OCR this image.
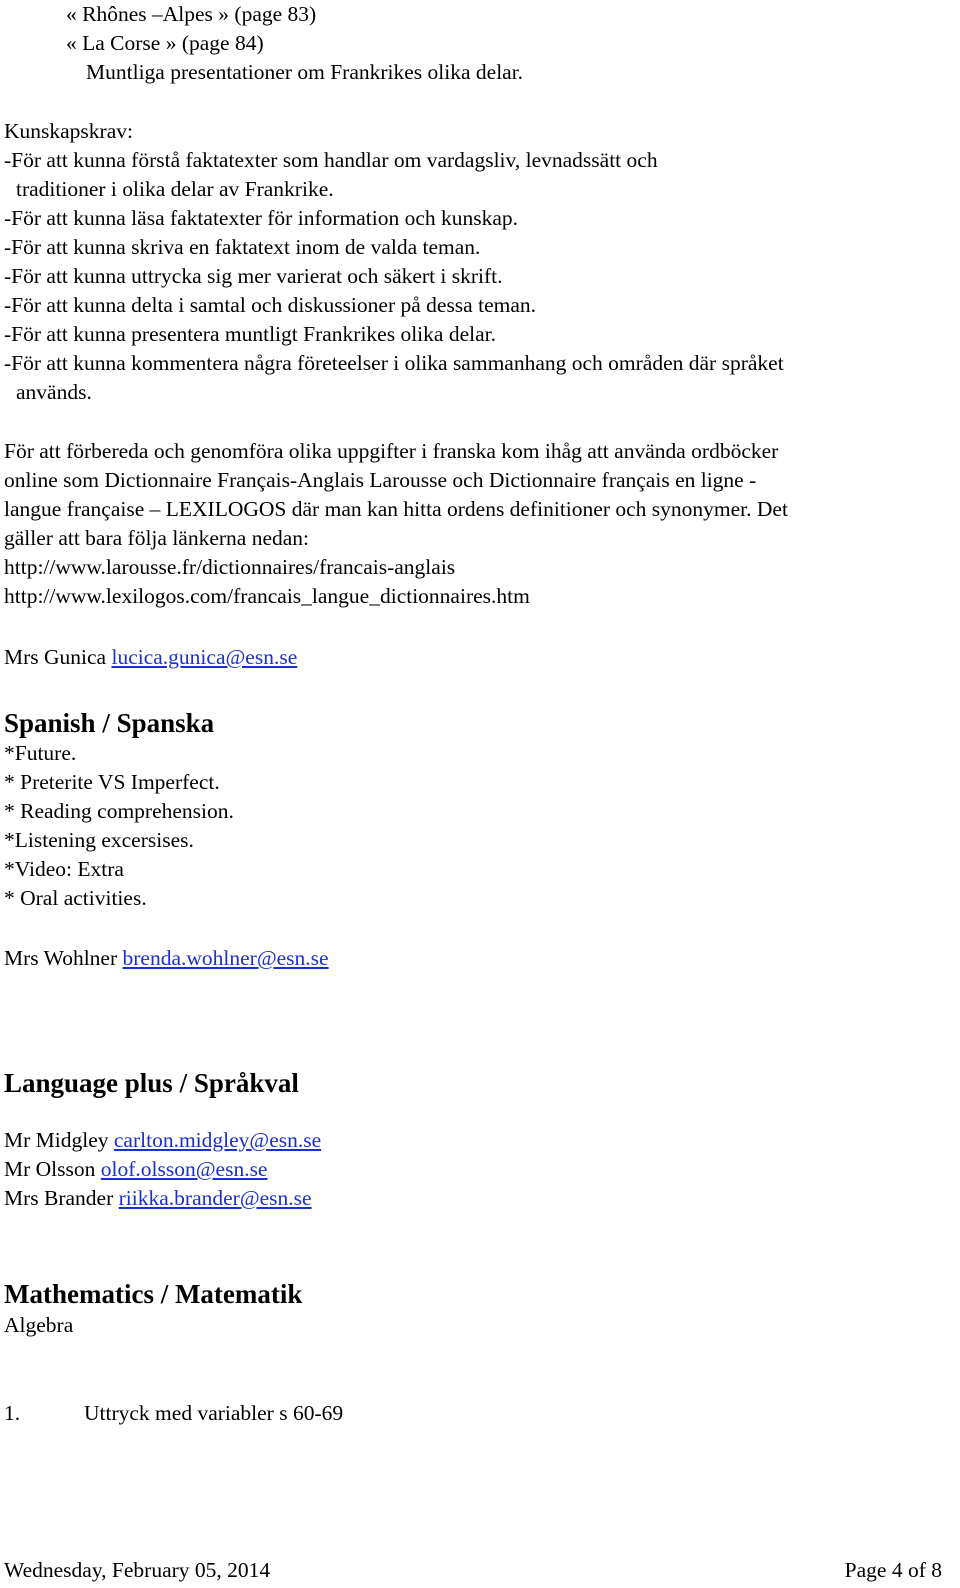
« Rhônes –Alpes » (page 83)
« La Corse » (page 84)
Muntliga presentationer om Frankrikes olika delar.
Kunskapskrav:
-För att kunna förstå faktatexter som handlar om vardagsliv, levnadssätt och
traditioner i olika delar av Frankrike.
-För att kunna läsa faktatexter för information och kunskap.
-För att kunna skriva en faktatext inom de valda teman.
-För att kunna uttrycka sig mer varierat och säkert i skrift.
-För att kunna delta i samtal och diskussioner på dessa teman.
-För att kunna presentera muntligt Frankrikes olika delar.
-För att kunna kommentera några företeelser i olika sammanhang och områden där språket
används.
För att förbereda och genomföra olika uppgifter i franska kom ihåg att använda ordböcker
online som Dictionnaire Français-Anglais Larousse och Dictionnaire français en ligne -
langue française – LEXILOGOS där man kan hitta ordens definitioner och synonymer. Det
gäller att bara följa länkerna nedan:
http://www.larousse.fr/dictionnaires/francais-anglais
http://www.lexilogos.com/francais_langue_dictionnaires.htm
Mrs Gunica lucica.gunica@esn.se
Spanish / Spanska
*Future.
* Preterite VS Imperfect.
* Reading comprehension.
*Listening excersises.
*Video: Extra
* Oral activities.
Mrs Wohlner brenda.wohlner@esn.se
Language plus / Språkval
Mr Midgley carlton.midgley@esn.se
Mr Olsson olof.olsson@esn.se
Mrs Brander riikka.brander@esn.se
Mathematics / Matematik
Algebra
1.	Uttryck med variabler s 60-69
Wednesday, February 05, 2014	Page 4 of 8
